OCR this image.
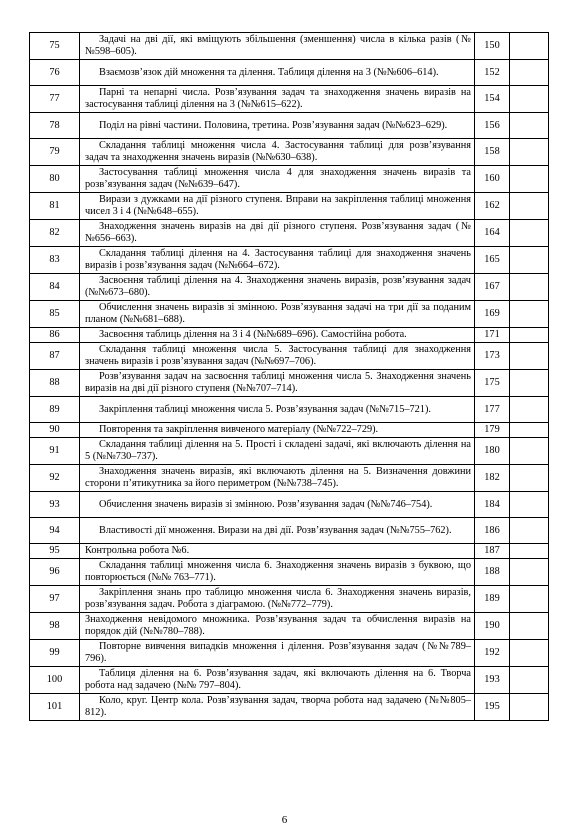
75	Задачі на дві дії, які вміщують збільшення (зменшення) числа в кілька разів (№№598–605).	150	
76	Взаємозв’язок дій множення та ділення. Таблиця ділення на 3 (№№606–614).	152	
77	Парні та непарні числа. Розв’язування задач та знаходження значень виразів на застосування таблиці ділення на 3 (№№615–622).	154	
78	Поділ на рівні частини. Половина, третина. Розв’язування задач (№№623–629).	156	
79	Складання таблиці множення числа 4. Застосування таблиці для розв’язування задач та знаходження значень виразів (№№630–638).	158	
80	Застосування таблиці множення числа 4 для знаходження значень виразів та розв’язування задач (№№639–647).	160	
81	Вирази з дужками на дії різного ступеня. Вправи на закріплення таблиці множення чисел 3 і 4 (№№648–655).	162	
82	Знаходження значень виразів на дві дії різного ступеня. Розв’язування задач (№№656–663).	164	
83	Складання таблиці ділення на 4. Застосування таблиці для знаходження значень виразів і розв’язування задач (№№664–672).	165	
84	Засвоєння таблиці ділення на 4. Знаходження значень виразів, розв’язування задач (№№673–680).	167	
85	Обчислення значень виразів зі змінною. Розв’язування задачі на три дії за поданим планом (№№681–688).	169	
86	Засвоєння таблиць ділення на 3 і 4 (№№689–696). Самостійна робота.	171	
87	Складання таблиці множення числа 5. Застосування таблиці для знаходження значень виразів і розв’язування задач (№№697–706).	173	
88	Розв’язування задач на засвоєння таблиці множення числа 5. Знаходження значень виразів на дві дії різного ступеня (№№707–714).	175	
89	Закріплення таблиці множення числа 5. Розв’язування задач (№№715–721).	177	
90	Повторення та закріплення вивченого матеріалу (№№722–729).	179	
91	Складання таблиці ділення на 5. Прості і складені задачі, які включають ділення на 5 (№№730–737).	180	
92	Знаходження значень виразів, які включають ділення на 5. Визначення довжини сторони п’ятикутника за його периметром (№№738–745).	182	
93	Обчислення значень виразів зі змінною. Розв’язування задач (№№746–754).	184	
94	Властивості дії множення. Вирази на дві дії. Розв’язування задач (№№755–762).	186	
95	Контрольна робота №6.	187	
96	Складання таблиці множення числа 6. Знаходження значень виразів з буквою, що повторюється (№№ 763–771).	188	
97	Закріплення знань про таблицю множення числа 6. Знаходження значень виразів, розв’язування задач. Робота з діаграмою. (№№772–779).	189	
98	Знаходження невідомого множника. Розв’язування задач та обчислення виразів на порядок дій (№№780–788).	190	
99	Повторне вивчення випадків множення і ділення. Розв’язування задач (№№789–796).	192	
100	Таблиця ділення на 6. Розв’язування задач, які включають ділення на 6. Творча робота над задачею (№№ 797–804).	193	
101	Коло, круг. Центр кола. Розв’язування задач, творча робота над задачею (№№805–812).	195	
6
